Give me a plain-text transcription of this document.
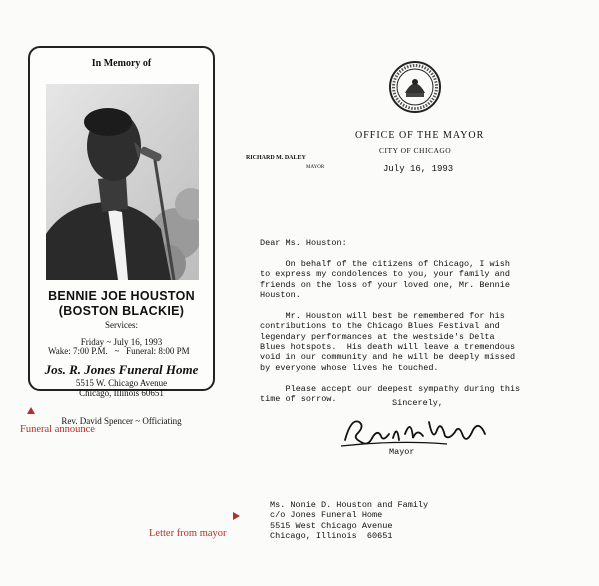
In Memory of
BENNIE JOE HOUSTON
(BOSTON BLACKIE)
Services:
Friday ~ July 16, 1993
Wake: 7:00 P.M. ~ Funeral: 8:00 PM
Jos. R. Jones Funeral Home
5515 W. Chicago Avenue
Chicago, Illinois 60651
Rev. David Spencer ~ Officiating
Funeral announce
Letter from mayor
OFFICE OF THE MAYOR
CITY OF CHICAGO
RICHARD M. DALEY
MAYOR	July 16, 1993
Dear Ms. Houston:

On behalf of the citizens of Chicago, I wish
to express my condolences to you, your family and
friends on the loss of your loved one, Mr. Bennie
Houston.

Mr. Houston will best be remembered for his
contributions to the Chicago Blues Festival and
legendary performances at the westside's Delta
Blues hotspots.  His death will leave a tremendous
void in our community and he will be deeply missed
by everyone whose lives he touched.

Please accept our deepest sympathy during this
time of sorrow.	Sincerely,
Mayor
Ms. Nonie D. Houston and Family
c/o Jones Funeral Home
5515 West Chicago Avenue
Chicago, Illinois  60651
